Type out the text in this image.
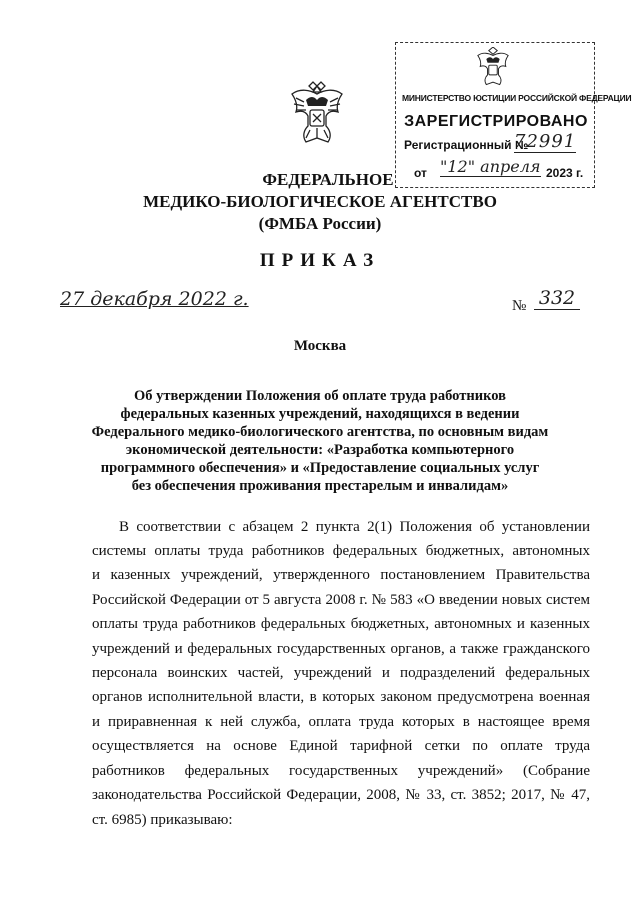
МИНИСТЕРСТВО ЮСТИЦИИ РОССИЙСКОЙ ФЕДЕРАЦИИ
ЗАРЕГИСТРИРОВАНО
Регистрационный №
72991
от "12" апреля 2023 г.
ФЕДЕРАЛЬНОЕ
МЕДИКО-БИОЛОГИЧЕСКОЕ АГЕНТСТВО
(ФМБА России)
ПРИКАЗ
27 декабря 2022 г.	№ 332
Москва
Об утверждении Положения об оплате труда работников
федеральных казенных учреждений, находящихся в ведении
Федерального медико-биологического агентства, по основным видам
экономической деятельности: «Разработка компьютерного
программного обеспечения» и «Предоставление социальных услуг
без обеспечения проживания престарелым и инвалидам»
В соответствии с абзацем 2 пункта 2(1) Положения об установлении
системы оплаты труда работников федеральных бюджетных, автономных
и казенных учреждений, утвержденного постановлением Правительства
Российской Федерации от 5 августа 2008 г. № 583 «О введении новых систем
оплаты труда работников федеральных бюджетных, автономных и казенных
учреждений и федеральных государственных органов, а также гражданского
персонала воинских частей, учреждений и подразделений федеральных
органов исполнительной власти, в которых законом предусмотрена военная
и приравненная к ней служба, оплата труда которых в настоящее время
осуществляется на основе Единой тарифной сетки по оплате труда
работников федеральных государственных учреждений» (Собрание
законодательства Российской Федерации, 2008, № 33, ст. 3852; 2017, № 47,
ст. 6985) приказываю:
